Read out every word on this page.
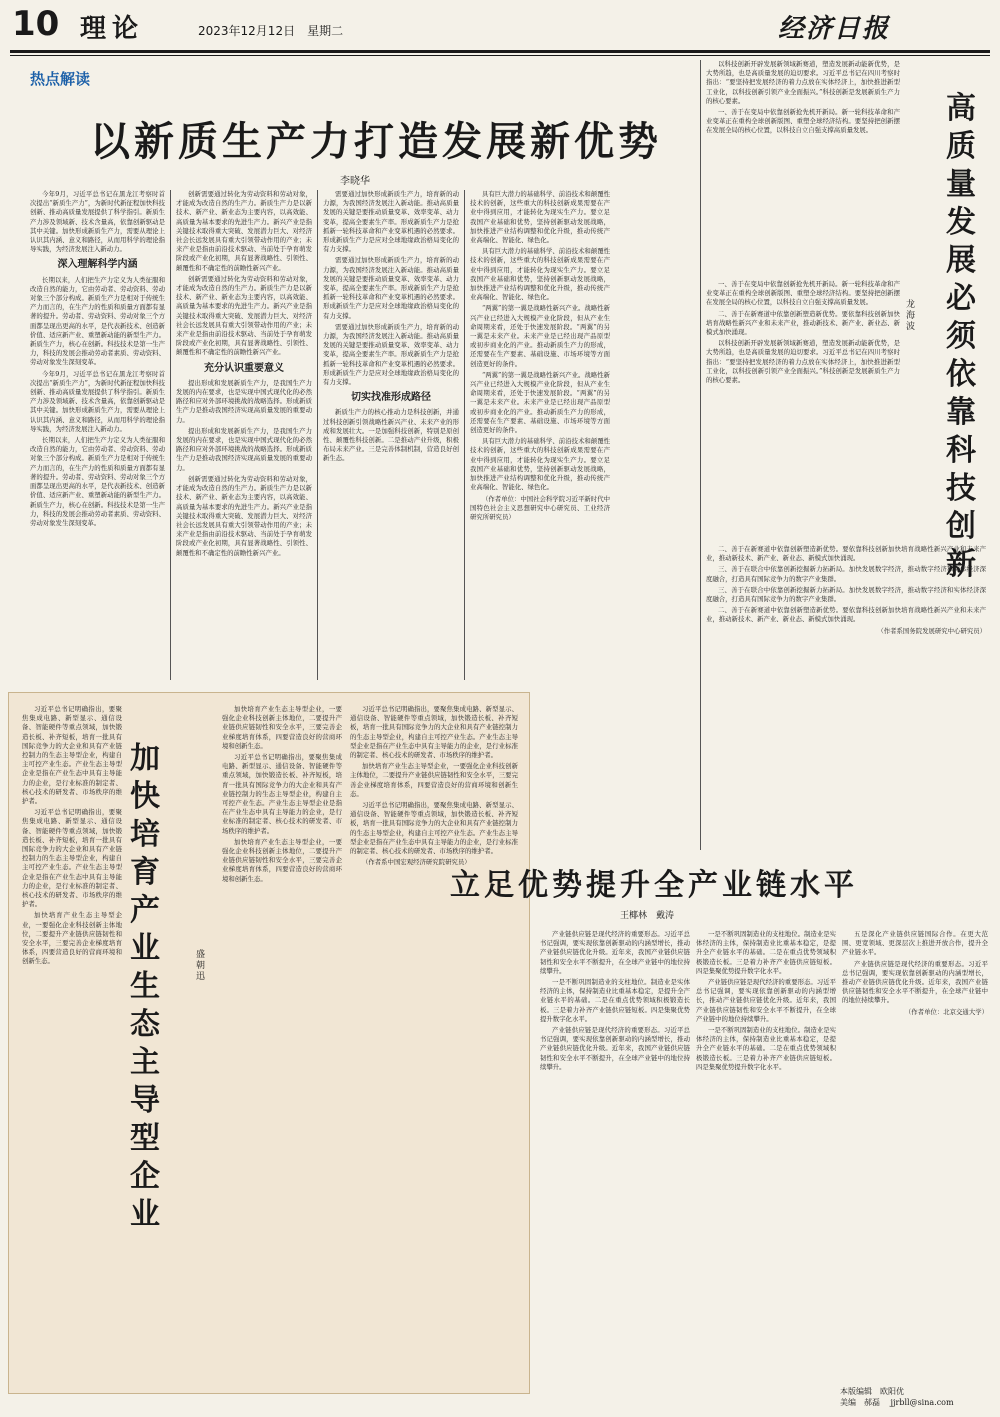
10 理论	2023年12月12日　星期二	经济日报
热点解读
以新质生产力打造发展新优势
李晓华

今年9月，习近平总书记在黑龙江考察时首次提出“新质生产力”，为新时代新征程加快科技创新、推动高质量发展提供了科学指引。新质生产力涉及领域新、技术含量高，依靠创新驱动是其中关键。加快形成新质生产力，需要从理论上认识其内涵、意义和路径，从而用科学的理论指导实践，为经济发展注入新动力。

深入理解科学内涵

长期以来，人们把生产力定义为人类征服和改造自然的能力，它由劳动者、劳动资料、劳动对象三个部分构成。新质生产力是相对于传统生产力而言的，在生产力的性质和质量方面都有显著的提升。劳动者、劳动资料、劳动对象三个方面都呈现出更高的水平，是代表新技术、创造新价值、适应新产业、重塑新动能的新型生产力。新质生产力，核心在创新。科技技术是第一生产力，科技的发展会推动劳动者素质、劳动资料、劳动对象发生深刻变革。

今年9月，习近平总书记在黑龙江考察时首次提出“新质生产力”，为新时代新征程加快科技创新、推动高质量发展提供了科学指引。新质生产力涉及领域新、技术含量高，依靠创新驱动是其中关键。加快形成新质生产力，需要从理论上认识其内涵、意义和路径，从而用科学的理论指导实践，为经济发展注入新动力。

长期以来，人们把生产力定义为人类征服和改造自然的能力，它由劳动者、劳动资料、劳动对象三个部分构成。新质生产力是相对于传统生产力而言的，在生产力的性质和质量方面都有显著的提升。劳动者、劳动资料、劳动对象三个方面都呈现出更高的水平，是代表新技术、创造新价值、适应新产业、重塑新动能的新型生产力。新质生产力，核心在创新。科技技术是第一生产力，科技的发展会推动劳动者素质、劳动资料、劳动对象发生深刻变革。

创新需要通过转化为劳动资料和劳动对象，才能成为改造自然的生产力。新质生产力是以新技术、新产业、新业态为主要内容，以高效能、高质量为基本要求的先进生产力。新兴产业是指关键技术取得重大突破、发展潜力巨大、对经济社会长远发展具有重大引领带动作用的产业；未来产业是指由前沿技术驱动、当前处于孕育萌发阶段或产业化初期，具有显著战略性、引领性、颠覆性和不确定性的前瞻性新兴产业。

创新需要通过转化为劳动资料和劳动对象，才能成为改造自然的生产力。新质生产力是以新技术、新产业、新业态为主要内容，以高效能、高质量为基本要求的先进生产力。新兴产业是指关键技术取得重大突破、发展潜力巨大、对经济社会长远发展具有重大引领带动作用的产业；未来产业是指由前沿技术驱动、当前处于孕育萌发阶段或产业化初期，具有显著战略性、引领性、颠覆性和不确定性的前瞻性新兴产业。

充分认识重要意义

提出形成和发展新质生产力，是我国生产力发展的内在要求，也是实现中国式现代化的必然路径和应对外部环境挑战的战略选择。形成新质生产力是推动我国经济实现高质量发展的重要动力。

提出形成和发展新质生产力，是我国生产力发展的内在要求，也是实现中国式现代化的必然路径和应对外部环境挑战的战略选择。形成新质生产力是推动我国经济实现高质量发展的重要动力。

创新需要通过转化为劳动资料和劳动对象，才能成为改造自然的生产力。新质生产力是以新技术、新产业、新业态为主要内容，以高效能、高质量为基本要求的先进生产力。新兴产业是指关键技术取得重大突破、发展潜力巨大、对经济社会长远发展具有重大引领带动作用的产业；未来产业是指由前沿技术驱动、当前处于孕育萌发阶段或产业化初期，具有显著战略性、引领性、颠覆性和不确定性的前瞻性新兴产业。

需要通过加快形成新质生产力，培育新的动力源，为我国经济发展注入新动能。推动高质量发展的关键是要推动质量变革、效率变革、动力变革，提高全要素生产率。形成新质生产力是抢抓新一轮科技革命和产业变革机遇的必然要求。形成新质生产力是应对全球地缘政治格局变化的有力支撑。

需要通过加快形成新质生产力，培育新的动力源，为我国经济发展注入新动能。推动高质量发展的关键是要推动质量变革、效率变革、动力变革，提高全要素生产率。形成新质生产力是抢抓新一轮科技革命和产业变革机遇的必然要求。形成新质生产力是应对全球地缘政治格局变化的有力支撑。

需要通过加快形成新质生产力，培育新的动力源，为我国经济发展注入新动能。推动高质量发展的关键是要推动质量变革、效率变革、动力变革，提高全要素生产率。形成新质生产力是抢抓新一轮科技革命和产业变革机遇的必然要求。形成新质生产力是应对全球地缘政治格局变化的有力支撑。

切实找准形成路径

新质生产力的核心推动力是科技创新，并通过科技创新引领战略性新兴产业、未来产业的形成和发展壮大。一是加强科技创新，特别是原创性、颠覆性科技创新。二是推动产业升级，积极布局未来产业。三是完善体制机制，营造良好创新生态。

具有巨大潜力的基础科学、前沿技术和颠覆性技术的创新，这些重大的科技创新成果需要在产业中得到应用，才能转化为现实生产力。要立足我国产业基础和优势，坚持创新驱动发展战略，加快推进产业结构调整和优化升级，推动传统产业高端化、智能化、绿色化。

具有巨大潜力的基础科学、前沿技术和颠覆性技术的创新，这些重大的科技创新成果需要在产业中得到应用，才能转化为现实生产力。要立足我国产业基础和优势，坚持创新驱动发展战略，加快推进产业结构调整和优化升级，推动传统产业高端化、智能化、绿色化。

“两翼”的第一翼是战略性新兴产业。战略性新兴产业已经进入大规模产业化阶段，但从产业生命周期来看，还处于快速发展阶段。“两翼”的另一翼是未来产业。未来产业是已经出现产品原型或初步商业化的产业。推动新质生产力的形成，还需要在生产要素、基础设施、市场环境等方面创造更好的条件。

“两翼”的第一翼是战略性新兴产业。战略性新兴产业已经进入大规模产业化阶段，但从产业生命周期来看，还处于快速发展阶段。“两翼”的另一翼是未来产业。未来产业是已经出现产品原型或初步商业化的产业。推动新质生产力的形成，还需要在生产要素、基础设施、市场环境等方面创造更好的条件。

具有巨大潜力的基础科学、前沿技术和颠覆性技术的创新，这些重大的科技创新成果需要在产业中得到应用，才能转化为现实生产力。要立足我国产业基础和优势，坚持创新驱动发展战略，加快推进产业结构调整和优化升级，推动传统产业高端化、智能化、绿色化。

（作者单位：中国社会科学院习近平新时代中国特色社会主义思想研究中心研究员、工业经济研究所研究员）

高质量发展必须依靠科技创新
龙海波

以科技创新开辟发展新领域新赛道，塑造发展新动能新优势，是大势所趋，也是高质量发展的迫切要求。习近平总书记在四川考察时指出：“要坚持把发展经济的着力点放在实体经济上，加快推进新型工业化，以科技创新引领产业全面振兴。”科技创新是发展新质生产力的核心要素。

一、善于在变局中依靠创新抢先机开新局。新一轮科技革命和产业变革正在重构全球创新版图、重塑全球经济结构。要坚持把创新摆在发展全局的核心位置，以科技自立自强支撑高质量发展。

一、善于在变局中依靠创新抢先机开新局。新一轮科技革命和产业变革正在重构全球创新版图、重塑全球经济结构。要坚持把创新摆在发展全局的核心位置，以科技自立自强支撑高质量发展。

二、善于在新赛道中依靠创新塑造新优势。要依靠科技创新加快培育战略性新兴产业和未来产业，推动新技术、新产业、新业态、新模式加快涌现。

以科技创新开辟发展新领域新赛道，塑造发展新动能新优势，是大势所趋，也是高质量发展的迫切要求。习近平总书记在四川考察时指出：“要坚持把发展经济的着力点放在实体经济上，加快推进新型工业化，以科技创新引领产业全面振兴。”科技创新是发展新质生产力的核心要素。

二、善于在新赛道中依靠创新塑造新优势。要依靠科技创新加快培育战略性新兴产业和未来产业，推动新技术、新产业、新业态、新模式加快涌现。

三、善于在联合中依靠创新挖掘新力拓新局。加快发展数字经济，推动数字经济和实体经济深度融合，打造具有国际竞争力的数字产业集群。

三、善于在联合中依靠创新挖掘新力拓新局。加快发展数字经济，推动数字经济和实体经济深度融合，打造具有国际竞争力的数字产业集群。

二、善于在新赛道中依靠创新塑造新优势。要依靠科技创新加快培育战略性新兴产业和未来产业，推动新技术、新产业、新业态、新模式加快涌现。

（作者系国务院发展研究中心研究员）

加快培育产业生态主导型企业
盛朝迅

习近平总书记明确指出，要聚焦集成电路、新型显示、通信设备、智能硬件等重点领域，加快锻造长板、补齐短板，培育一批具有国际竞争力的大企业和具有产业链控制力的生态主导型企业，构建自主可控产业生态。产业生态主导型企业是指在产业生态中具有主导能力的企业，是行业标准的制定者、核心技术的研发者、市场秩序的维护者。

习近平总书记明确指出，要聚焦集成电路、新型显示、通信设备、智能硬件等重点领域，加快锻造长板、补齐短板，培育一批具有国际竞争力的大企业和具有产业链控制力的生态主导型企业，构建自主可控产业生态。产业生态主导型企业是指在产业生态中具有主导能力的企业，是行业标准的制定者、核心技术的研发者、市场秩序的维护者。

加快培育产业生态主导型企业，一要强化企业科技创新主体地位，二要提升产业链供应链韧性和安全水平，三要完善企业梯度培育体系，四要营造良好的营商环境和创新生态。

加快培育产业生态主导型企业，一要强化企业科技创新主体地位，二要提升产业链供应链韧性和安全水平，三要完善企业梯度培育体系，四要营造良好的营商环境和创新生态。

习近平总书记明确指出，要聚焦集成电路、新型显示、通信设备、智能硬件等重点领域，加快锻造长板、补齐短板，培育一批具有国际竞争力的大企业和具有产业链控制力的生态主导型企业，构建自主可控产业生态。产业生态主导型企业是指在产业生态中具有主导能力的企业，是行业标准的制定者、核心技术的研发者、市场秩序的维护者。

加快培育产业生态主导型企业，一要强化企业科技创新主体地位，二要提升产业链供应链韧性和安全水平，三要完善企业梯度培育体系，四要营造良好的营商环境和创新生态。

习近平总书记明确指出，要聚焦集成电路、新型显示、通信设备、智能硬件等重点领域，加快锻造长板、补齐短板，培育一批具有国际竞争力的大企业和具有产业链控制力的生态主导型企业，构建自主可控产业生态。产业生态主导型企业是指在产业生态中具有主导能力的企业，是行业标准的制定者、核心技术的研发者、市场秩序的维护者。

加快培育产业生态主导型企业，一要强化企业科技创新主体地位，二要提升产业链供应链韧性和安全水平，三要完善企业梯度培育体系，四要营造良好的营商环境和创新生态。

习近平总书记明确指出，要聚焦集成电路、新型显示、通信设备、智能硬件等重点领域，加快锻造长板、补齐短板，培育一批具有国际竞争力的大企业和具有产业链控制力的生态主导型企业，构建自主可控产业生态。产业生态主导型企业是指在产业生态中具有主导能力的企业，是行业标准的制定者、核心技术的研发者、市场秩序的维护者。

（作者系中国宏观经济研究院研究员）

立足优势提升全产业链水平
王椰林　戴涛

产业链供应链是现代经济的重要形态。习近平总书记强调，要实现依靠创新驱动的内涵型增长，推动产业链供应链优化升级。近年来，我国产业链供应链韧性和安全水平不断提升，在全球产业链中的地位持续攀升。

一是不断巩固制造业的支柱地位。制造业是实体经济的主体，保持制造业比重基本稳定，是提升全产业链水平的基础。二是在重点优势领域积极锻造长板。三是着力补齐产业链供应链短板。四是集聚优势提升数字化水平。

产业链供应链是现代经济的重要形态。习近平总书记强调，要实现依靠创新驱动的内涵型增长，推动产业链供应链优化升级。近年来，我国产业链供应链韧性和安全水平不断提升，在全球产业链中的地位持续攀升。

一是不断巩固制造业的支柱地位。制造业是实体经济的主体，保持制造业比重基本稳定，是提升全产业链水平的基础。二是在重点优势领域积极锻造长板。三是着力补齐产业链供应链短板。四是集聚优势提升数字化水平。

产业链供应链是现代经济的重要形态。习近平总书记强调，要实现依靠创新驱动的内涵型增长，推动产业链供应链优化升级。近年来，我国产业链供应链韧性和安全水平不断提升，在全球产业链中的地位持续攀升。

一是不断巩固制造业的支柱地位。制造业是实体经济的主体，保持制造业比重基本稳定，是提升全产业链水平的基础。二是在重点优势领域积极锻造长板。三是着力补齐产业链供应链短板。四是集聚优势提升数字化水平。

五是深化产业链供应链国际合作。在更大范围、更宽领域、更深层次上推进开放合作，提升全产业链水平。

产业链供应链是现代经济的重要形态。习近平总书记强调，要实现依靠创新驱动的内涵型增长，推动产业链供应链优化升级。近年来，我国产业链供应链韧性和安全水平不断提升，在全球产业链中的地位持续攀升。

（作者单位：北京交通大学）

本版编辑　欧阳优
美编　郝磊　 jjrbll@sina.com
